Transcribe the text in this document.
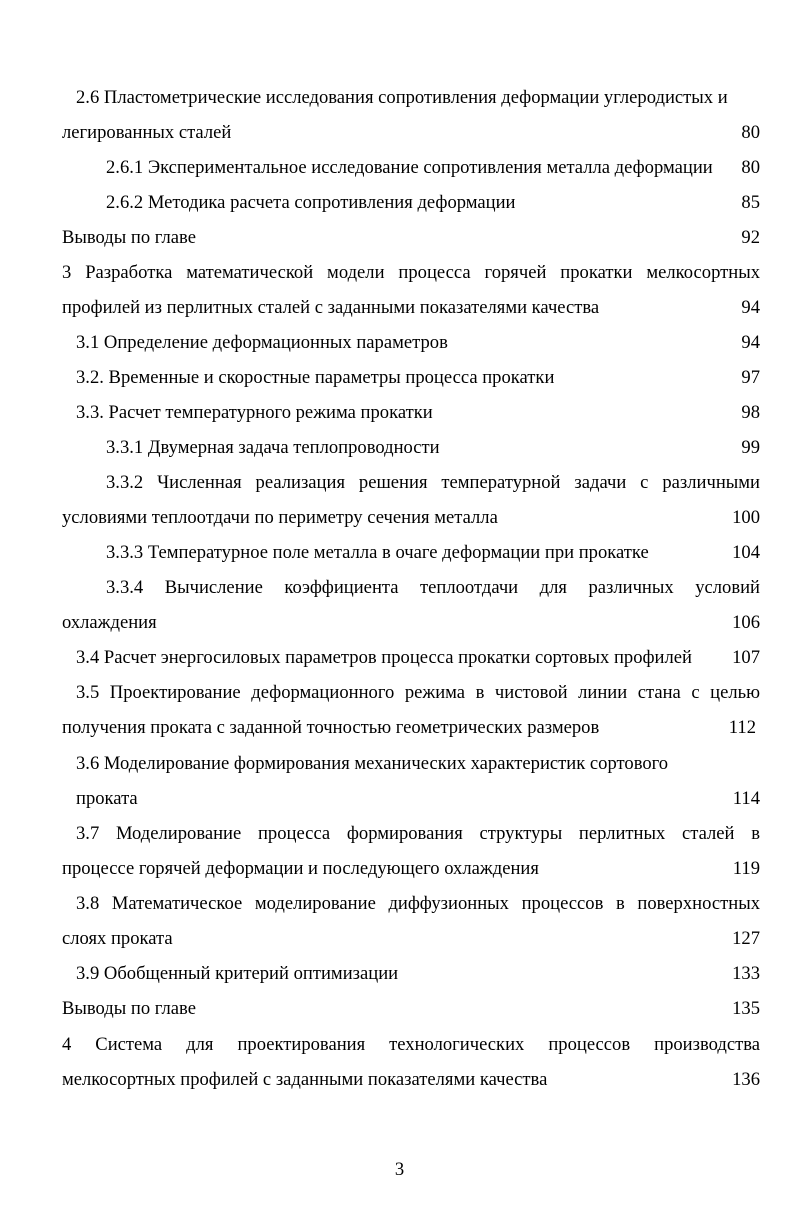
2.6 Пластометрические исследования сопротивления деформации углеродистых и
легированных сталей	80
2.6.1 Экспериментальное исследование сопротивления металла деформации 80
2.6.2 Методика расчета сопротивления деформации	85
Выводы по главе	92
3 Разработка математической модели процесса горячей прокатки мелкосортных
профилей из перлитных сталей с заданными показателями качества	94
3.1 Определение деформационных параметров	94
3.2. Временные и скоростные параметры процесса прокатки	97
3.3. Расчет температурного режима прокатки	98
3.3.1 Двумерная задача теплопроводности	99
3.3.2 Численная реализация решения температурной задачи с различными
условиями теплоотдачи по периметру сечения металла	100
3.3.3 Температурное поле металла в очаге деформации при прокатке	104
3.3.4 Вычисление коэффициента теплоотдачи для различных условий
охлаждения	106
3.4 Расчет энергосиловых параметров процесса прокатки сортовых профилей 107
3.5 Проектирование деформационного режима в чистовой линии стана с целью
получения проката с заданной точностью геометрических размеров	112
3.6 Моделирование формирования механических характеристик сортового
проката	114
3.7 Моделирование процесса формирования структуры перлитных сталей в
процессе горячей деформации и последующего охлаждения	119
3.8 Математическое моделирование диффузионных процессов в поверхностных
слоях проката	127
3.9 Обобщенный критерий оптимизации	133
Выводы по главе	135
4 Система для проектирования технологических процессов производства
мелкосортных профилей с заданными показателями качества	136
3
